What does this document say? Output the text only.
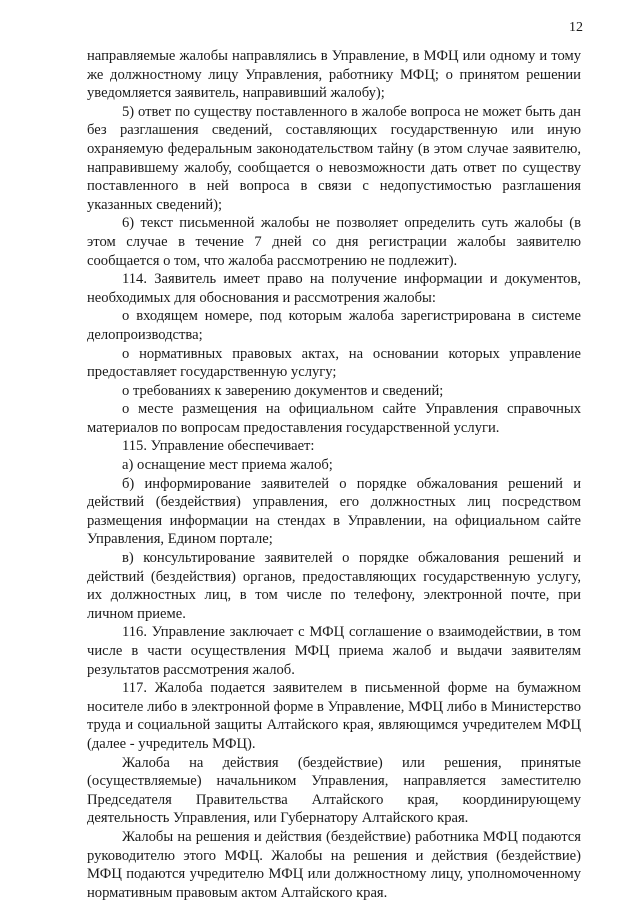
12

направляемые жалобы направлялись в Управление, в МФЦ или одному и тому же должностному лицу Управления, работнику МФЦ; о принятом решении уведомляется заявитель, направивший жалобу);

5) ответ по существу поставленного в жалобе вопроса не может быть дан без разглашения сведений, составляющих государственную или иную охраняемую федеральным законодательством тайну (в этом случае заявителю, направившему жалобу, сообщается о невозможности дать ответ по существу поставленного в ней вопроса в связи с недопустимостью разглашения указанных сведений);

6) текст письменной жалобы не позволяет определить суть жалобы (в этом случае в течение 7 дней со дня регистрации жалобы заявителю сообщается о том, что жалоба рассмотрению не подлежит).

114. Заявитель имеет право на получение информации и документов, необходимых для обоснования и рассмотрения жалобы:

о входящем номере, под которым жалоба зарегистрирована в системе делопроизводства;

о нормативных правовых актах, на основании которых управление предоставляет государственную услугу;

о требованиях к заверению документов и сведений;

о месте размещения на официальном сайте Управления справочных материалов по вопросам предоставления государственной услуги.

115. Управление обеспечивает:

а) оснащение мест приема жалоб;

б) информирование заявителей о порядке обжалования решений и действий (бездействия) управления, его должностных лиц посредством размещения информации на стендах в Управлении, на официальном сайте Управления, Едином портале;

в) консультирование заявителей о порядке обжалования решений и действий (бездействия) органов, предоставляющих государственную услугу, их должностных лиц, в том числе по телефону, электронной почте, при личном приеме.

116. Управление заключает с МФЦ соглашение о взаимодействии, в том числе в части осуществления МФЦ приема жалоб и выдачи заявителям результатов рассмотрения жалоб.

117. Жалоба подается заявителем в письменной форме на бумажном носителе либо в электронной форме в Управление, МФЦ либо в Министерство труда и социальной защиты Алтайского края, являющимся учредителем МФЦ (далее - учредитель МФЦ).

Жалоба на действия (бездействие) или решения, принятые (осуществляемые) начальником Управления, направляется заместителю Председателя Правительства Алтайского края, координирующему деятельность Управления, или Губернатору Алтайского края.

Жалобы на решения и действия (бездействие) работника МФЦ подаются руководителю этого МФЦ. Жалобы на решения и действия (бездействие) МФЦ подаются учредителю МФЦ или должностному лицу, уполномоченному нормативным правовым актом Алтайского края.
